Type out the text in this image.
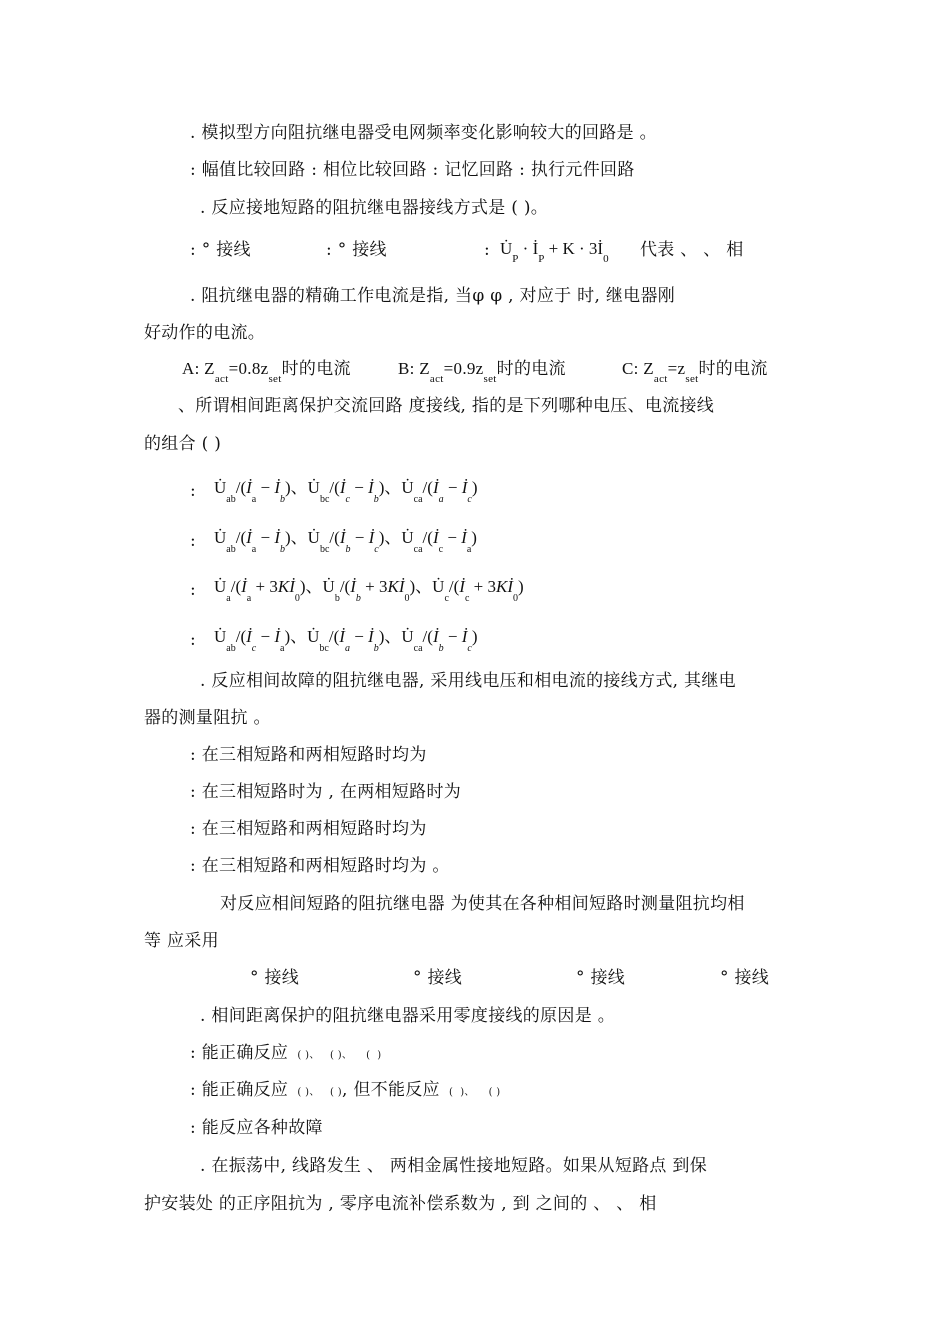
. 模拟型方向阻抗继电器受电网频率变化影响较大的回路是 。
: 幅值比较回路 : 相位比较回路 : 记忆回路 : 执行元件回路
. 反应接地短路的阻抗继电器接线方式是 ( )。
: ° 接线	: ° 接线	: $U̇_P$ · $İ_P + K$ · $3İ_0$ 代表 、 、 相
. 阻抗继电器的精确工作电流是指, 当φ φ , 对应于 时, 继电器刚
好动作的电流。
A: $Z_{act}=0.8z_{set}$时的电流	B: $Z_{act}=0.9z_{set}$时的电流	C: $Z_{act}=z_{set}$时的电流
、所谓相间距离保护交流回路 度接线, 指的是下列哪种电压、电流接线
的组合 ( )
: $U̇_{ab}/(İ_a$ − $İ_b$)、$U̇_{bc}/(İ_c$ − $İ_b$)、$U̇_{ca}/(İ_a$ − $İ_c$)
: $U̇_{ab}/(İ_a$ − $İ_b$)、$U̇_{bc}/(İ_b$ − $İ_c$)、$U̇_{ca}/(İ_c$ − $İ_a$)
: $U̇_a/(İ_a$ + $3Kİ_0$)、$U̇_b/(İ_b$ + $3Kİ_0$)、$U̇_c/(İ_c$ + $3Kİ_0$)
: $U̇_{ab}/(İ_c$ − $İ_a$)、$U̇_{bc}/(İ_a$ − $İ_b$)、$U̇_{ca}/(İ_b$ − $İ_c$)
. 反应相间故障的阻抗继电器, 采用线电压和相电流的接线方式, 其继电
器的测量阻抗 。
: 在三相短路和两相短路时均为
: 在三相短路时为 , 在两相短路时为
: 在三相短路和两相短路时均为
: 在三相短路和两相短路时均为 。
对反应相间短路的阻抗继电器 为使其在各种相间短路时测量阻抗均相
等 应采用
° 接线	° 接线	° 接线	° 接线
. 相间距离保护的阻抗继电器采用零度接线的原因是 。
: 能正确反应  ( )、   ( )、    (  )
: 能正确反应  ( )、   ( ), 但不能反应  (  )、    ( )
: 能反应各种故障
. 在振荡中, 线路发生 、 两相金属性接地短路。如果从短路点 到保
护安装处 的正序阻抗为 , 零序电流补偿系数为 , 到 之间的 、 、 相
